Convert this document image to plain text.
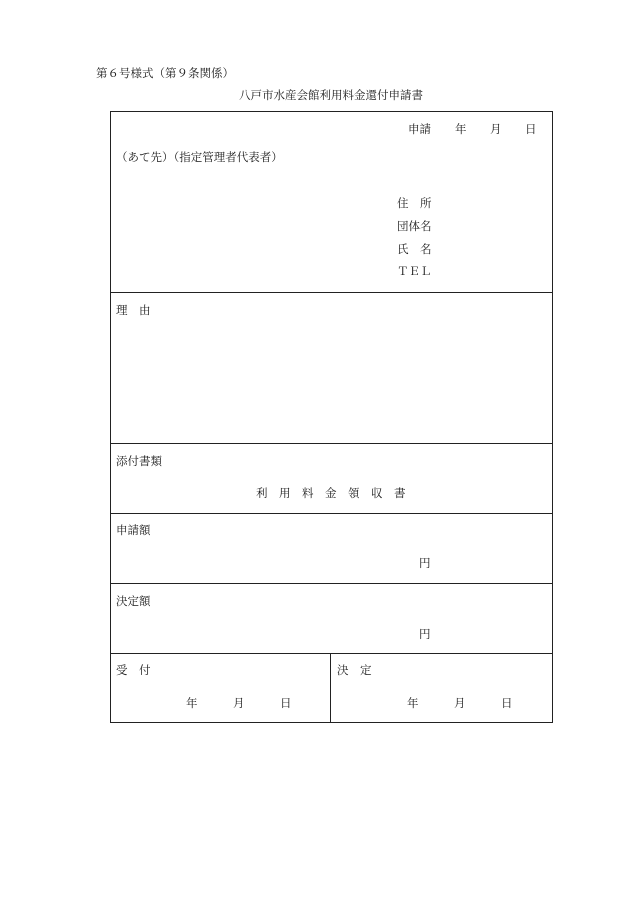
第６号様式（第９条関係）
八戸市水産会館利用料金還付申請書
申請 年 月 日
（あて先）（指定管理者代表者）
住　所
団体名
氏　名
ＴＥＬ
理　由
添付書類
利　用　料　金　領　収　書
申請額
円
決定額
円
受　付
年	月	日
決　定
年	月	日
